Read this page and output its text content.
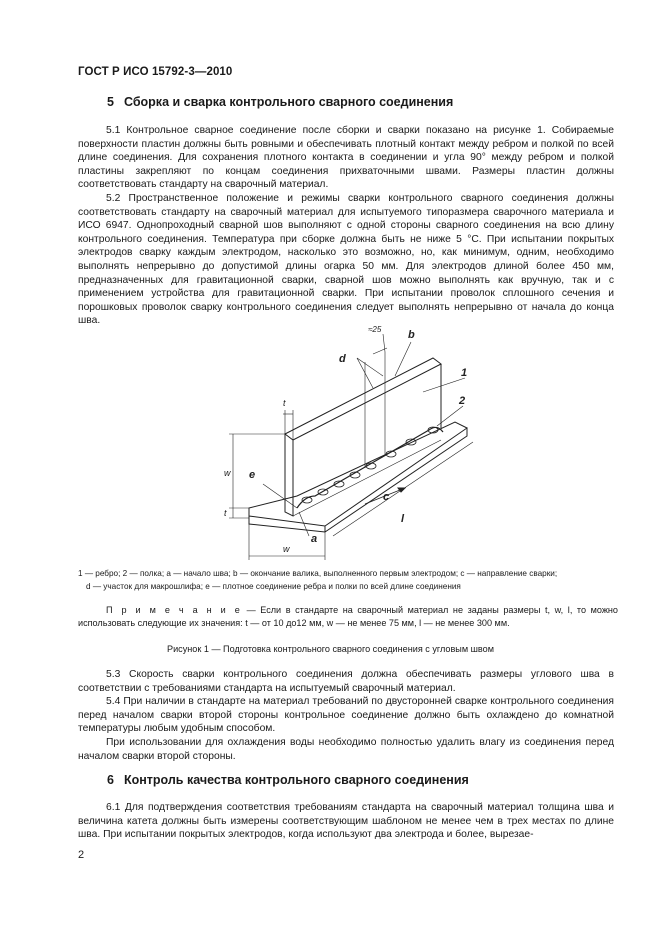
ГОСТ Р ИСО 15792-3—2010
5 Сборка и сварка контрольного сварного соединения

5.1 Контрольное сварное соединение после сборки и сварки показано на рисунке 1. Собираемые поверхности пластин должны быть ровными и обеспечивать плотный контакт между ребром и полкой по всей длине соединения. Для сохранения плотного контакта в соединении и угла 90° между ребром и полкой пластины закрепляют по концам соединения прихваточными швами. Размеры пластин должны соответствовать стандарту на сварочный материал.

5.2 Пространственное положение и режимы сварки контрольного сварного соединения должны соответствовать стандарту на сварочный материал для испытуемого типоразмера сварочного материала и ИСО 6947. Однопроходный сварной шов выполняют с одной стороны сварного соединения на всю длину контрольного соединения. Температура при сборке должна быть не ниже 5 °С. При испытании покрытых электродов сварку каждым электродом, насколько это возможно, но, как минимум, одним, необходимо выполнять непрерывно до допустимой длины огарка 50 мм. Для электродов длиной более 450 мм, предназначенных для гравитационной сварки, сварной шов можно выполнять как вручную, так и с применением устройства для гравитационной сварки. При испытании проволок сплошного сечения и порошковых проволок сварку контрольного соединения следует выполнять непрерывно от начала до конца шва.

≈25 b
d
1
2
t
w e
t
c
l
a
w

1 — ребро; 2 — полка; a — начало шва; b — окончание валика, выполненного первым электродом; c — направление сварки;

d — участок для макрошлифа; e — плотное соединение ребра и полки по всей длине соединения

П р и м е ч а н и е — Если в стандарте на сварочный материал не заданы размеры t, w, l, то можно использовать следующие их значения: t — от 10 до12 мм, w — не менее 75 мм, l — не менее 300 мм.

Рисунок 1 — Подготовка контрольного сварного соединения с угловым швом

5.3 Скорость сварки контрольного соединения должна обеспечивать размеры углового шва в соответствии с требованиями стандарта на испытуемый сварочный материал.

5.4 При наличии в стандарте на материал требований по двусторонней сварке контрольного соединения перед началом сварки второй стороны контрольное соединение должно быть охлаждено до комнатной температуры любым удобным способом.

При использовании для охлаждения воды необходимо полностью удалить влагу из соединения перед началом сварки второй стороны.

6 Контроль качества контрольного сварного соединения

6.1 Для подтверждения соответствия требованиям стандарта на сварочный материал толщина шва и величина катета должны быть измерены соответствующим шаблоном не менее чем в трех местах по длине шва. При испытании покрытых электродов, когда используют два электрода и более, вырезае-

2
